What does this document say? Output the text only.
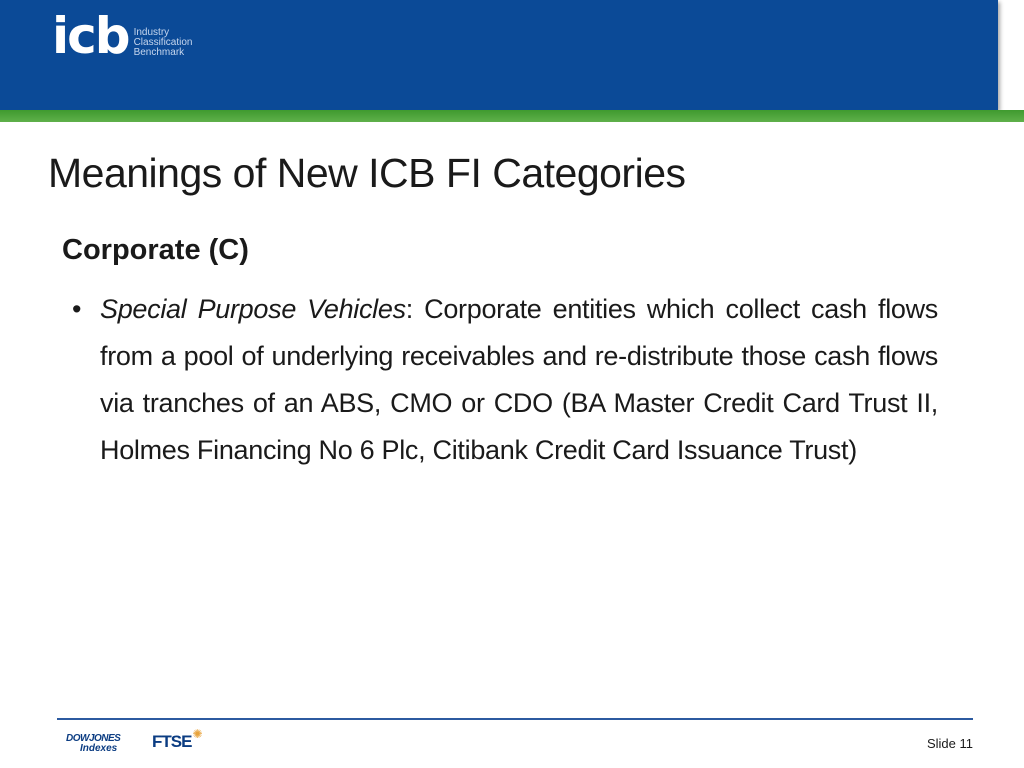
icb Industry
Classification
Benchmark
Meanings of New ICB FI Categories
Corporate (C)
• Special Purpose Vehicles: Corporate entities which collect cash flows from a pool of underlying receivables and re-distribute those cash flows via tranches of an ABS, CMO or CDO (BA Master Credit Card Trust II, Holmes Financing No 6 Plc, Citibank Credit Card Issuance Trust)
DOWJONES
Indexes FTSE ✺
Slide 11
